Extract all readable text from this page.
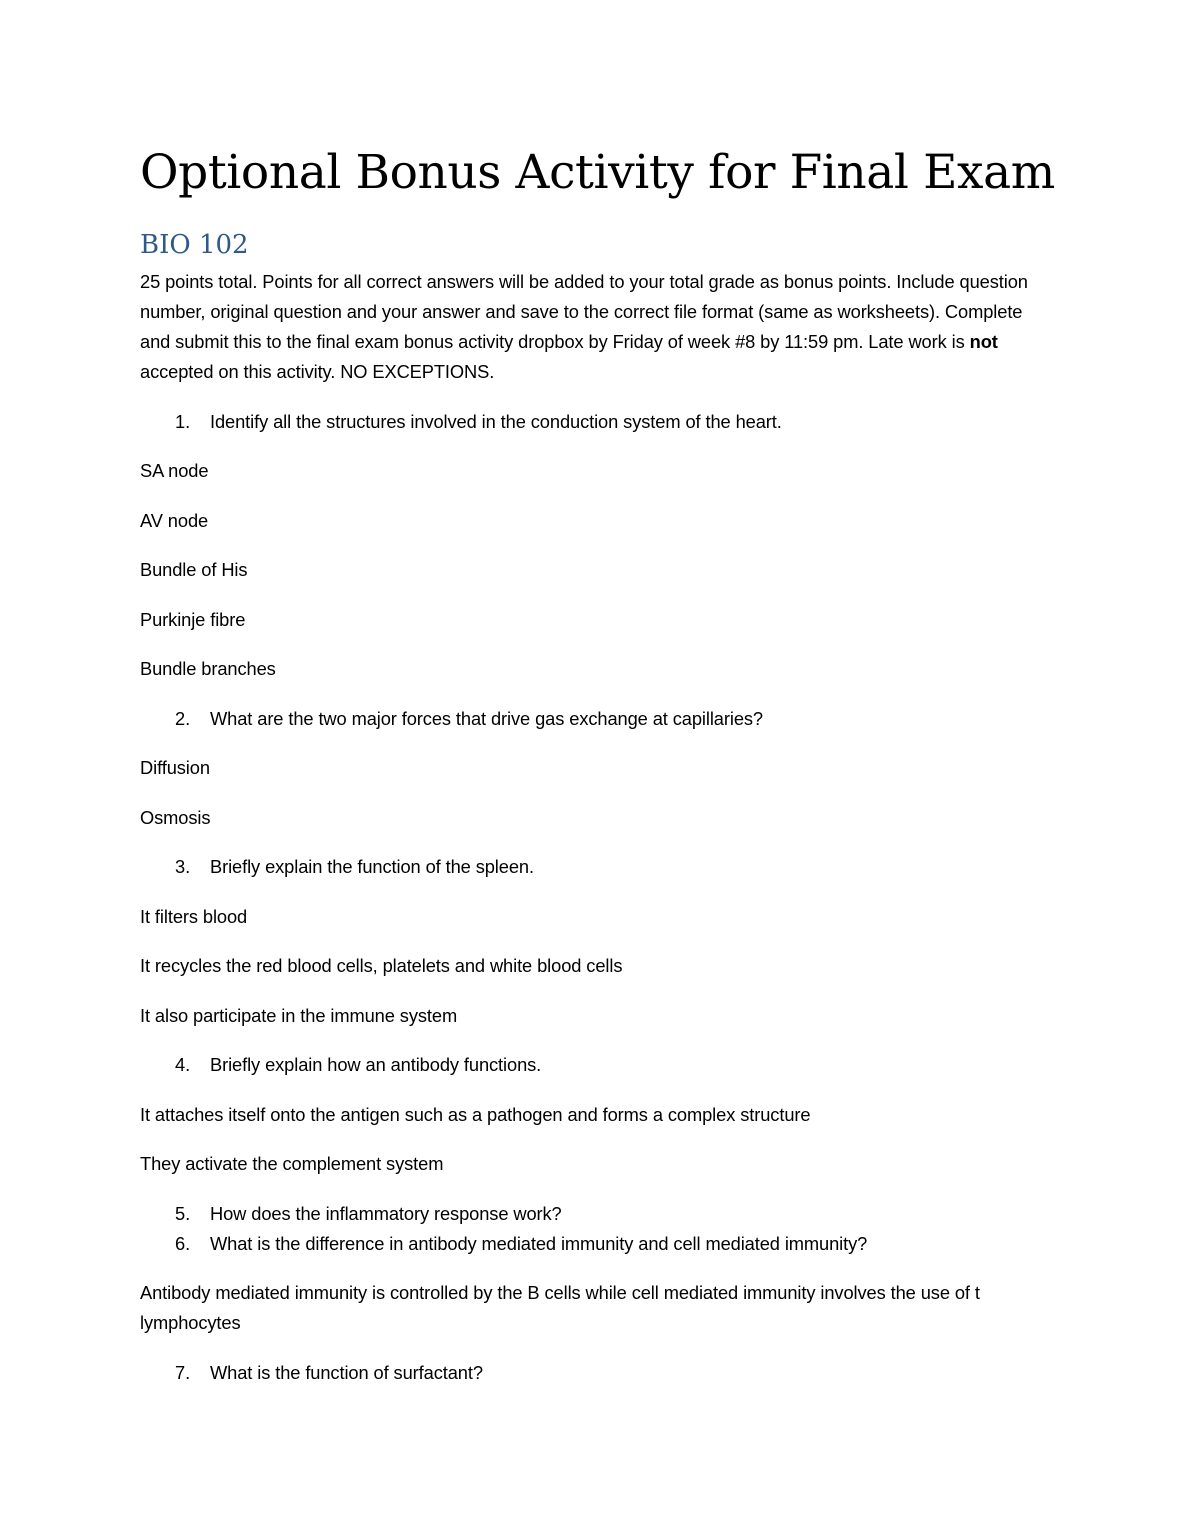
Optional Bonus Activity for Final Exam
BIO 102

25 points total. Points for all correct answers will be added to your total grade as bonus points. Include question number, original question and your answer and save to the correct file format (same as worksheets). Complete and submit this to the final exam bonus activity dropbox by Friday of week #8 by 11:59 pm. Late work is not accepted on this activity. NO EXCEPTIONS.

1. Identify all the structures involved in the conduction system of the heart.

SA node

AV node

Bundle of His

Purkinje fibre

Bundle branches

2. What are the two major forces that drive gas exchange at capillaries?

Diffusion

Osmosis

3. Briefly explain the function of the spleen.

It filters blood

It recycles the red blood cells, platelets and white blood cells

It also participate in the immune system

4. Briefly explain how an antibody functions.

It attaches itself onto the antigen such as a pathogen and forms a complex structure

They activate the complement system

5. How does the inflammatory response work?
6. What is the difference in antibody mediated immunity and cell mediated immunity?

Antibody mediated immunity is controlled by the B cells while cell mediated immunity involves the use of t lymphocytes

7. What is the function of surfactant?
